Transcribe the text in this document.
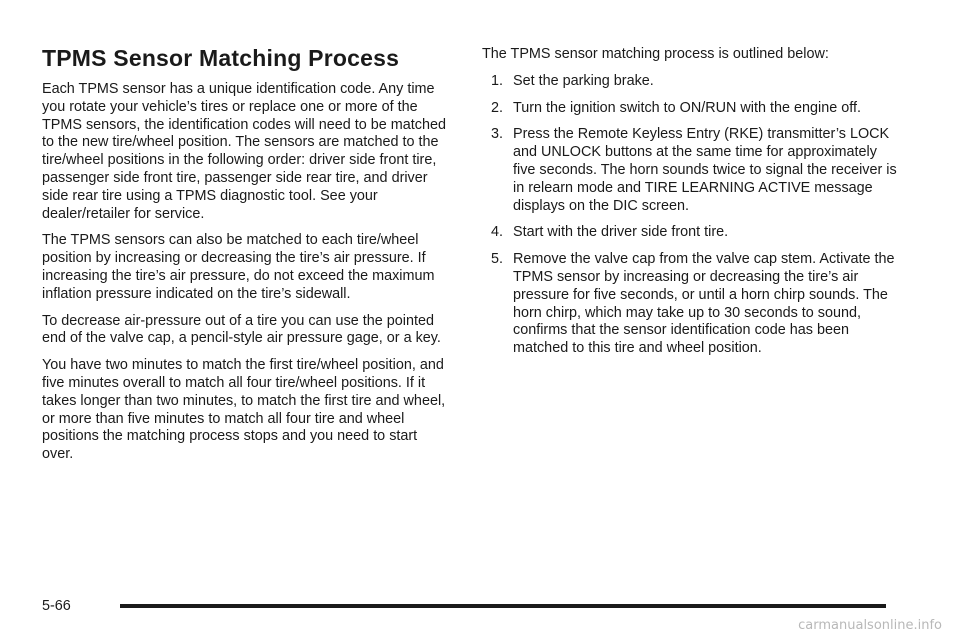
TPMS Sensor Matching Process

Each TPMS sensor has a unique identification code. Any time you rotate your vehicle’s tires or replace one or more of the TPMS sensors, the identification codes will need to be matched to the new tire/wheel position. The sensors are matched to the tire/wheel positions in the following order: driver side front tire, passenger side front tire, passenger side rear tire, and driver side rear tire using a TPMS diagnostic tool. See your dealer/retailer for service.

The TPMS sensors can also be matched to each tire/wheel position by increasing or decreasing the tire’s air pressure. If increasing the tire’s air pressure, do not exceed the maximum inflation pressure indicated on the tire’s sidewall.

To decrease air-pressure out of a tire you can use the pointed end of the valve cap, a pencil-style air pressure gage, or a key.

You have two minutes to match the first tire/wheel position, and five minutes overall to match all four tire/wheel positions. If it takes longer than two minutes, to match the first tire and wheel, or more than five minutes to match all four tire and wheel positions the matching process stops and you need to start over.

The TPMS sensor matching process is outlined below:

1. Set the parking brake.
2. Turn the ignition switch to ON/RUN with the engine off.
3. Press the Remote Keyless Entry (RKE) transmitter’s LOCK and UNLOCK buttons at the same time for approximately five seconds. The horn sounds twice to signal the receiver is in relearn mode and TIRE LEARNING ACTIVE message displays on the DIC screen.
4. Start with the driver side front tire.
5. Remove the valve cap from the valve cap stem. Activate the TPMS sensor by increasing or decreasing the tire’s air pressure for five seconds, or until a horn chirp sounds. The horn chirp, which may take up to 30 seconds to sound, confirms that the sensor identification code has been matched to this tire and wheel position.
5-66
carmanualsonline.info
